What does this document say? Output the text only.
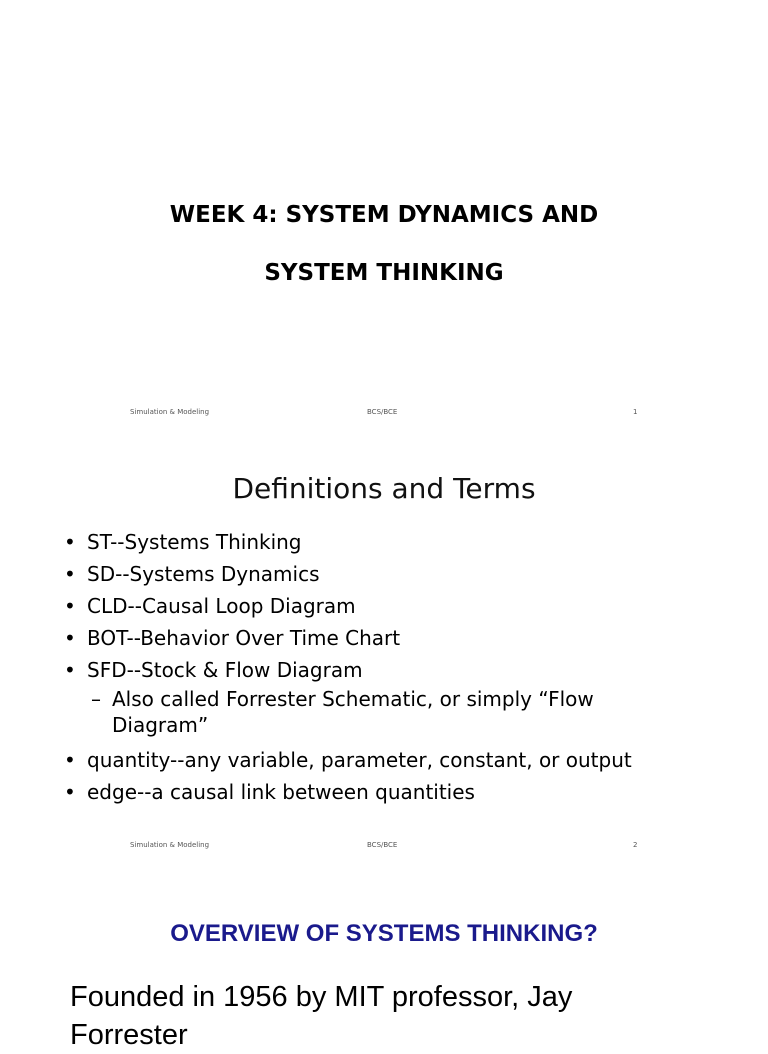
WEEK 4: SYSTEM DYNAMICS AND
SYSTEM THINKING
Simulation & Modeling	BCS/BCE	1
Definitions and Terms
• ST--Systems Thinking
• SD--Systems Dynamics
• CLD--Causal Loop Diagram
• BOT--Behavior Over Time Chart
• SFD--Stock & Flow Diagram
– Also called Forrester Schematic, or simply “Flow Diagram”
• quantity--any variable, parameter, constant, or output
• edge--a causal link between quantities
Simulation & Modeling	BCS/BCE	2
OVERVIEW OF SYSTEMS THINKING?
Founded in 1956 by MIT professor, Jay Forrester
